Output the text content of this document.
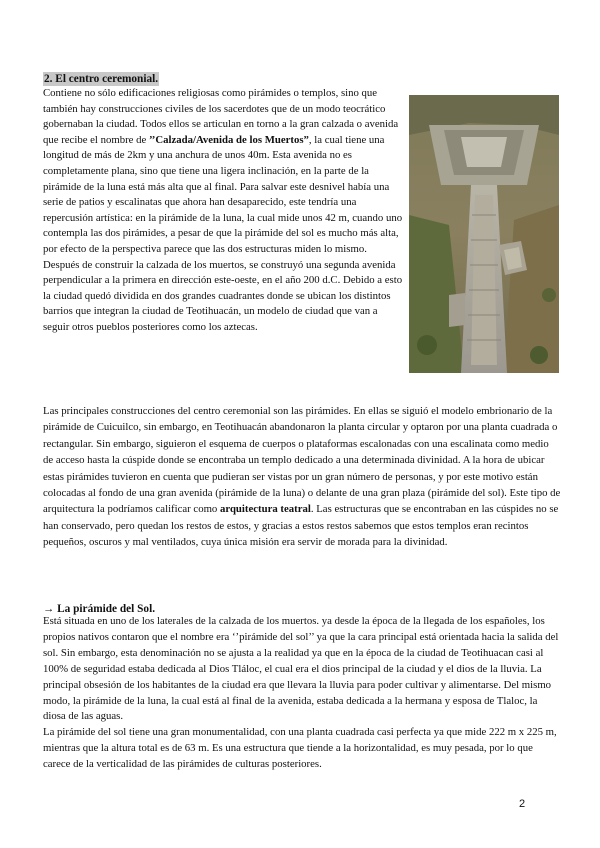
2. El centro ceremonial.

Contiene no sólo edificaciones religiosas como pirámides o templos, sino que también hay construcciones civiles de los sacerdotes que de un modo teocrático gobernaban la ciudad. Todos ellos se articulan en torno a la gran calzada o avenida que recibe el nombre de ’’Calzada/Avenida de los Muertos”, la cual tiene una longitud de más de 2km y una anchura de unos 40m. Esta avenida no es completamente plana, sino que tiene una ligera inclinación, en la parte de la pirámide de la luna está más alta que al final. Para salvar este desnivel había una serie de patios y escalinatas que ahora han desaparecido, este tendría una repercusión artística: en la pirámide de la luna, la cual mide unos 42 m, cuando uno contempla las dos pirámides, a pesar de que la pirámide del sol es mucho más alta, por efecto de la perspectiva parece que las dos estructuras miden lo mismo.

Después de construir la calzada de los muertos, se construyó una segunda avenida perpendicular a la primera en dirección este-oeste, en el año 200 d.C. Debido a esto la ciudad quedó dividida en dos grandes cuadrantes donde se ubican los distintos barrios que integran la ciudad de Teotihuacán, un modelo de ciudad que van a seguir otros pueblos posteriores como los aztecas.

Las principales construcciones del centro ceremonial son las pirámides. En ellas se siguió el modelo embrionario de la pirámide de Cuicuilco, sin embargo, en Teotihuacán abandonaron la planta circular y optaron por una planta cuadrada o rectangular. Sin embargo, siguieron el esquema de cuerpos o plataformas escalonadas con una escalinata como medio de acceso hasta la cúspide donde se encontraba un templo dedicado a una determinada divinidad. A la hora de ubicar estas pirámides tuvieron en cuenta que pudieran ser vistas por un gran número de personas, y por este motivo están colocadas al fondo de una gran avenida (pirámide de la luna) o delante de una gran plaza (pirámide del sol). Este tipo de arquitectura la podríamos calificar como arquitectura teatral. Las estructuras que se encontraban en las cúspides no se han conservado, pero quedan los restos de estos, y gracias a estos restos sabemos que estos templos eran recintos pequeños, oscuros y mal ventilados, cuya única misión era servir de morada para la divinidad.

→ La pirámide del Sol.

Está situada en uno de los laterales de la calzada de los muertos. ya desde la época de la llegada de los españoles, los propios nativos contaron que el nombre era ‘’pirámide del sol’’ ya que la cara principal está orientada hacia la salida del sol. Sin embargo, esta denominación no se ajusta a la realidad ya que en la época de la ciudad de Teotihuacan casi al 100% de seguridad estaba dedicada al Dios Tláloc, el cual era el dios principal de la ciudad y el dios de la lluvia. La principal obsesión de los habitantes de la ciudad era que llevara la lluvia para poder cultivar y alimentarse. Del mismo modo, la pirámide de la luna, la cual está al final de la avenida, estaba dedicada a la hermana y esposa de Tlaloc, la diosa de las aguas.

La pirámide del sol tiene una gran monumentalidad, con una planta cuadrada casi perfecta ya que mide 222 m x 225 m, mientras que la altura total es de 63 m. Es una estructura que tiende a la horizontalidad, es muy pesada, por lo que carece de la verticalidad de las pirámides de culturas posteriores.

2
